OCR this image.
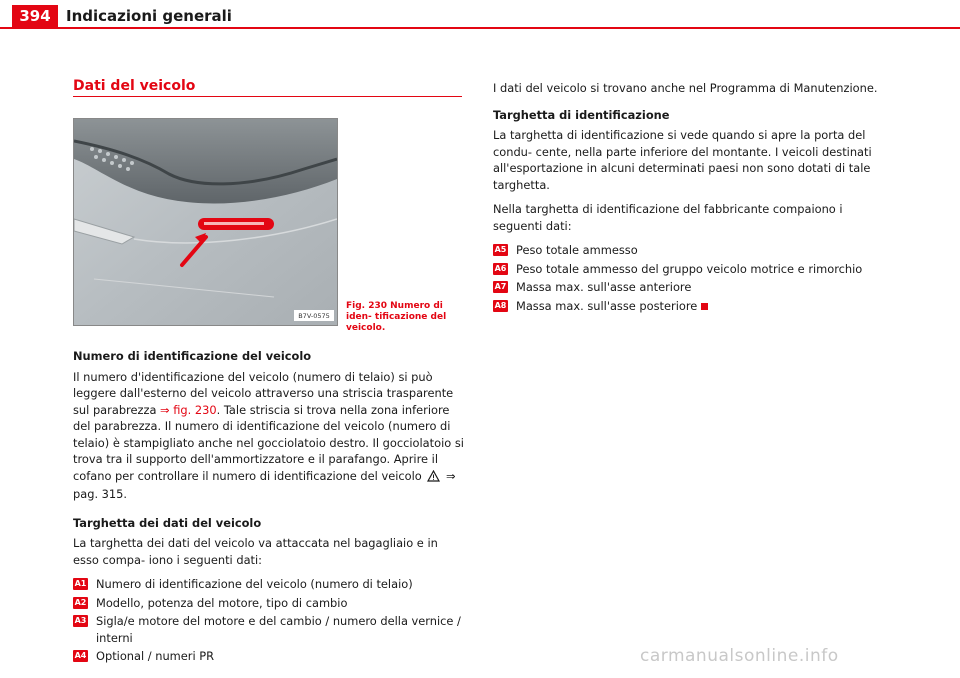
394	Indicazioni generali
Dati del veicolo
B7V-0575
Fig. 230 Numero di iden- tificazione del veicolo.
Numero di identificazione del veicolo

Il numero d'identificazione del veicolo (numero di telaio) si può leggere dall'esterno del veicolo attraverso una striscia trasparente sul parabrezza ⇒ fig. 230. Tale striscia si trova nella zona inferiore del parabrezza. Il numero di identificazione del veicolo (numero di telaio) è stampigliato anche nel gocciolatoio destro. Il gocciolatoio si trova tra il supporto dell'ammortizzatore e il parafango. Aprire il cofano per controllare il numero di identificazione del veicolo ⇒ pag. 315.

Targhetta dei dati del veicolo

La targhetta dei dati del veicolo va attaccata nel bagagliaio e in esso compa- iono i seguenti dati:

A1 Numero di identificazione del veicolo (numero di telaio)
A2 Modello, potenza del motore, tipo di cambio
A3 Sigla/e motore del motore e del cambio / numero della vernice / interni
A4 Optional / numeri PR

I dati del veicolo si trovano anche nel Programma di Manutenzione.

Targhetta di identificazione

La targhetta di identificazione si vede quando si apre la porta del condu- cente, nella parte inferiore del montante. I veicoli destinati all'esportazione in alcuni determinati paesi non sono dotati di tale targhetta.

Nella targhetta di identificazione del fabbricante compaiono i seguenti dati:

A5 Peso totale ammesso
A6 Peso totale ammesso del gruppo veicolo motrice e rimorchio
A7 Massa max. sull'asse anteriore
A8 Massa max. sull'asse posteriore
carmanualsonline.info
